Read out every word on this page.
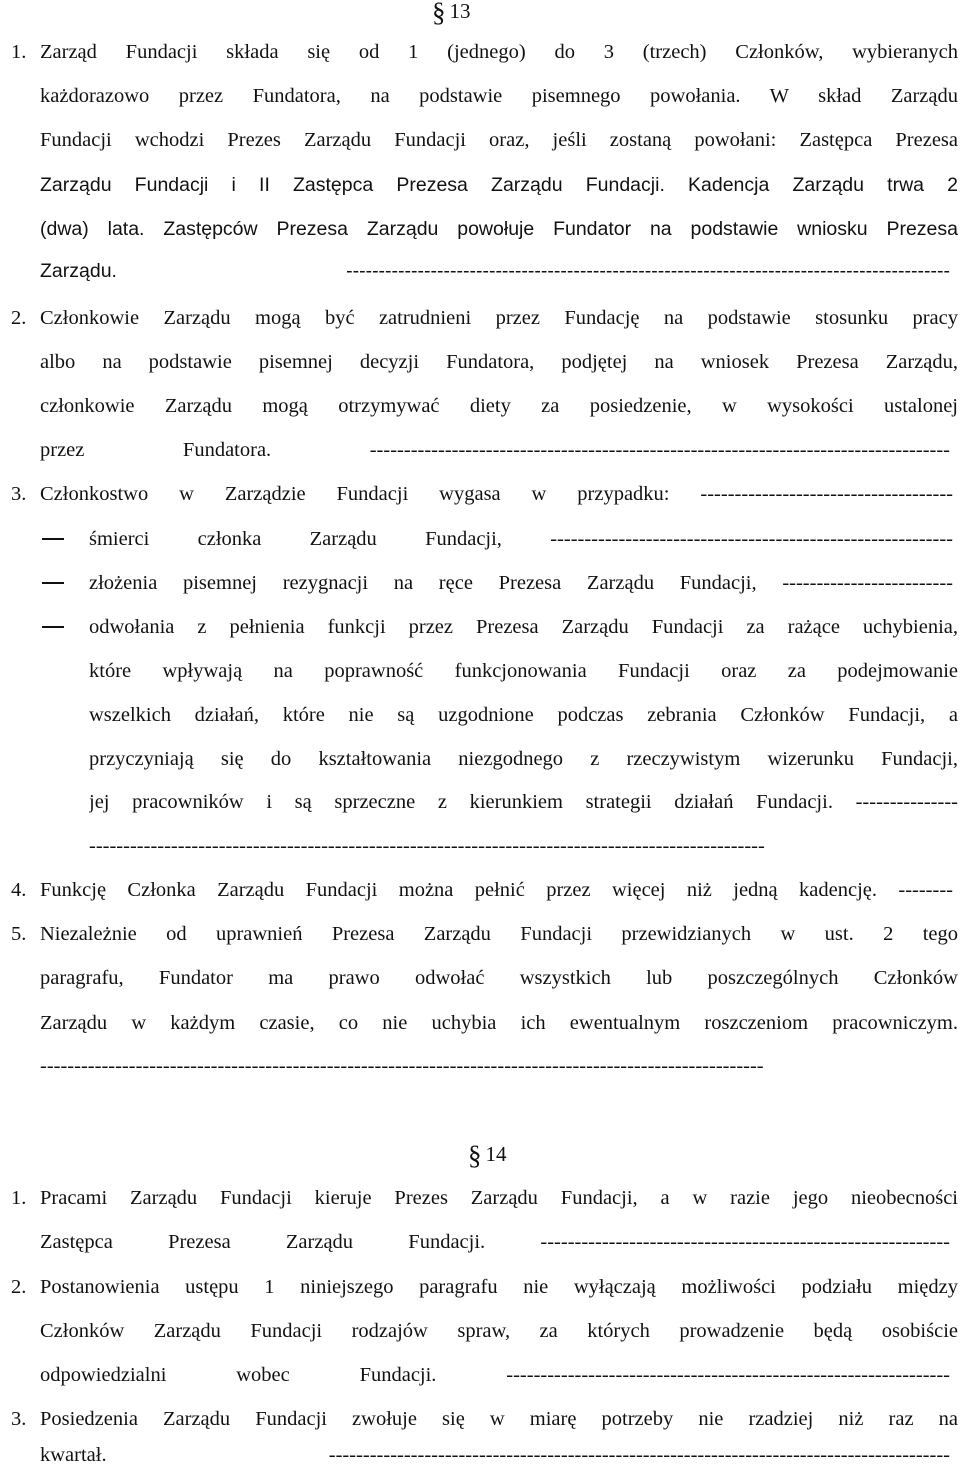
§ 13
1. Zarząd Fundacji składa się od 1 (jednego) do 3 (trzech) Członków, wybieranych
każdorazowo przez Fundatora, na podstawie pisemnego powołania. W skład Zarządu
Fundacji wchodzi Prezes Zarządu Fundacji oraz, jeśli zostaną powołani: Zastępca Prezesa
Zarządu Fundacji i II Zastępca Prezesa Zarządu Fundacji. Kadencja Zarządu trwa 2
(dwa) lata. Zastępców Prezesa Zarządu powołuje Fundator na podstawie wniosku Prezesa
Zarządu. ---------------------------------------------------------------------------------------------
2. Członkowie Zarządu mogą być zatrudnieni przez Fundację na podstawie stosunku pracy
albo na podstawie pisemnej decyzji Fundatora, podjętej na wniosek Prezesa Zarządu,
członkowie Zarządu mogą otrzymywać diety za posiedzenie, w wysokości ustalonej
przez Fundatora. -------------------------------------------------------------------------------------
3. Członkostwo w Zarządzie Fundacji wygasa w przypadku: -------------------------------------
śmierci członka Zarządu Fundacji, -----------------------------------------------------------
złożenia pisemnej rezygnacji na ręce Prezesa Zarządu Fundacji, -------------------------
odwołania z pełnienia funkcji przez Prezesa Zarządu Fundacji za rażące uchybienia,
które wpływają na poprawność funkcjonowania Fundacji oraz za podejmowanie
wszelkich działań, które nie są uzgodnione podczas zebrania Członków Fundacji, a
przyczyniają się do kształtowania niezgodnego z rzeczywistym wizerunku Fundacji,
jej pracowników i są sprzeczne z kierunkiem strategii działań Fundacji. ---------------
---------------------------------------------------------------------------------------------------
4. Funkcję Członka Zarządu Fundacji można pełnić przez więcej niż jedną kadencję. --------
5. Niezależnie od uprawnień Prezesa Zarządu Fundacji przewidzianych w ust. 2 tego
paragrafu, Fundator ma prawo odwołać wszystkich lub poszczególnych Członków
Zarządu w każdym czasie, co nie uchybia ich ewentualnym roszczeniom pracowniczym.
----------------------------------------------------------------------------------------------------------
§ 14
1. Pracami Zarządu Fundacji kieruje Prezes Zarządu Fundacji, a w razie jego nieobecności
Zastępca Prezesa Zarządu Fundacji. ------------------------------------------------------------
2. Postanowienia ustępu 1 niniejszego paragrafu nie wyłączają możliwości podziału między
Członków Zarządu Fundacji rodzajów spraw, za których prowadzenie będą osobiście
odpowiedzialni wobec Fundacji. -----------------------------------------------------------------
3. Posiedzenia Zarządu Fundacji zwołuje się w miarę potrzeby nie rzadziej niż raz na
kwartał. -------------------------------------------------------------------------------------------
